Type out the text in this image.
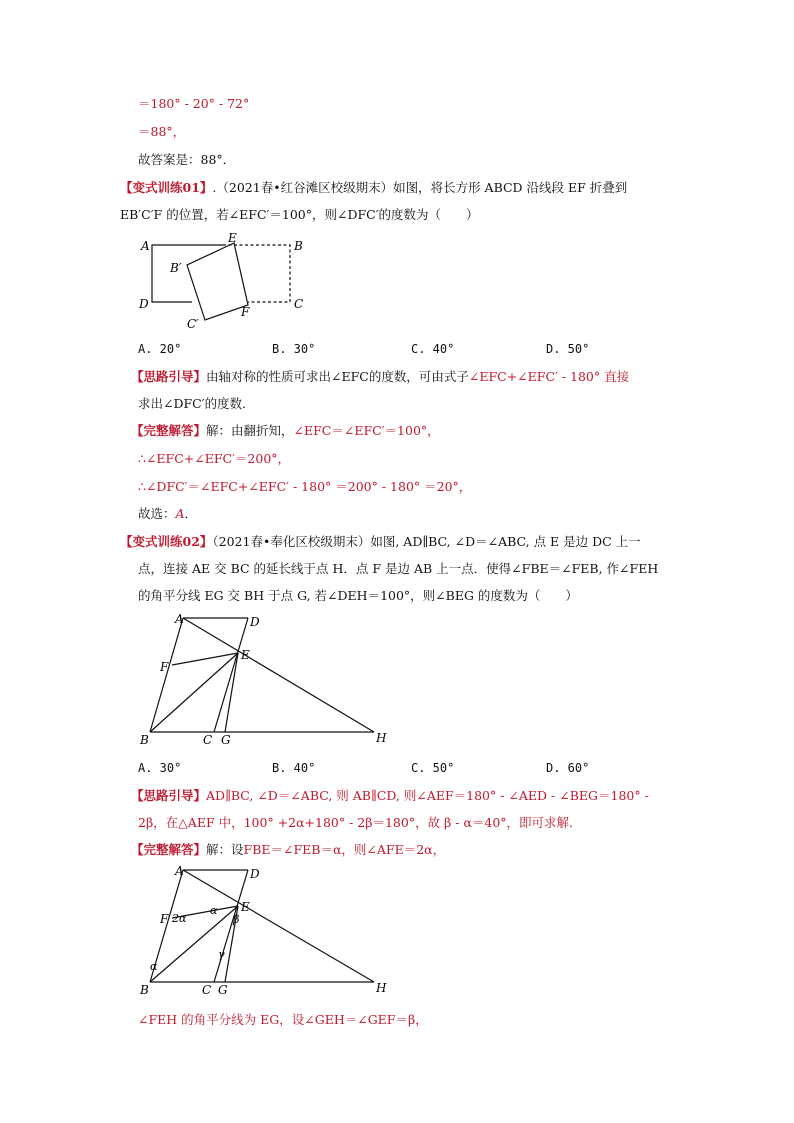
＝180° - 20° - 72°
＝88°，
故答案是：88°．
【变式训练01】.（2021春•红谷滩区校级期末）如图，将长方形 ABCD 沿线段 EF 折叠到
EB′C′F 的位置，若∠EFC′＝100°，则∠DFC′的度数为（　　）
A
E
B
B′
D	C
C′
F
A. 20°	B. 30°	C. 40°	D. 50°
【思路引导】由轴对称的性质可求出∠EFC的度数，可由式子∠EFC+∠EFC′ - 180° 直接
求出∠DFC′的度数．
【完整解答】解：由翻折知，∠EFC＝∠EFC′＝100°，
∴∠EFC+∠EFC′＝200°，
∴∠DFC′＝∠EFC+∠EFC′ - 180° ＝200° - 180° ＝20°，
故选：A．
【变式训练02】（2021春•奉化区校级期末）如图, AD∥BC, ∠D＝∠ABC, 点 E 是边 DC 上一
点，连接 AE 交 BC 的延长线于点 H．点 F 是边 AB 上一点．使得∠FBE＝∠FEB, 作∠FEH
的角平分线 EG 交 BH 于点 G, 若∠DEH＝100°，则∠BEG 的度数为（　　）
A	D
F
E
B	C G	H
A. 30°	B. 40°	C. 50°	D. 60°
【思路引导】AD∥BC, ∠D＝∠ABC, 则 AB∥CD, 则∠AEF＝180° - ∠AED - ∠BEG＝180° -
2β，在△AEF 中，100° +2α+180° - 2β＝180°，故 β - α＝40°，即可求解．
【完整解答】解：设FBE＝∠FEB＝α，则∠AFE＝2α，
A	D
F
E
B	C G	H
2α
α
β
γ
α
∠FEH 的角平分线为 EG，设∠GEH＝∠GEF＝β，
